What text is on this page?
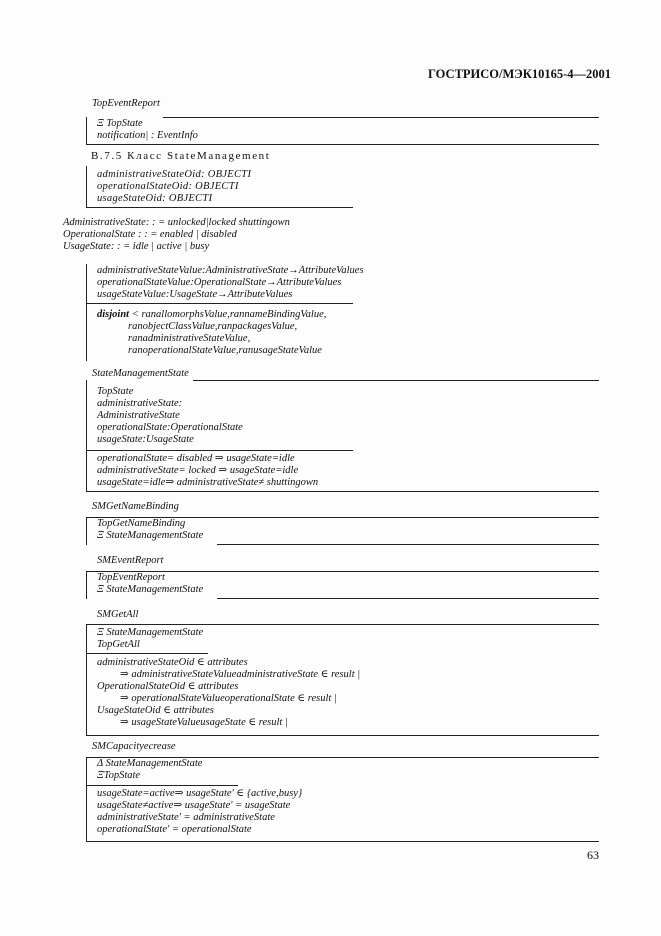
ГОСТРИСО/МЭК10165-4—2001
TopEventReport
Ξ TopState
notification| : EventInfo
B.7.5 Класс StateManagement
administrativeStateOid: OBJECTI
operationalStateOid: OBJECTI
usageStateOid: OBJECTI
AdministrativeState: : = unlocked|locked shuttingown
OperationalState : : = enabled | disabled
UsageState: : = idle | active | busy
administrativeStateValue:AdministrativeState→AttributeValues
operationalStateValue:OperationalState→AttributeValues
usageStateValue:UsageState→AttributeValues
disjoint < ranallomorphsValue,rannameBindingValue,
ranobjectClassValue,ranpackagesValue,
ranadministrativeStateValue,
ranoperationalStateValue,ranusageStateValue
StateManagementState
TopState
administrativeState:
AdministrativeState
operationalState:OperationalState
usageState:UsageState
operationalState= disabled ⇒ usageState=idle
administrativeState= locked ⇒ usageState=idle
usageState=idle⇒ administrativeState≠ shuttingown
SMGetNameBinding
TopGetNameBinding
Ξ StateManagementState
SMEventReport
TopEventReport
Ξ StateManagementState
SMGetAll
Ξ StateManagementState
TopGetAll
administrativeStateOid ∈ attributes
⇒ administrativeStateValueadministrativeState ∈ result |
OperationalStateOid ∈ attributes
⇒ operationalStateValueoperationalState ∈ result |
UsageStateOid ∈ attributes
⇒ usageStateValueusageState ∈ result |
SMCapacityecrease
Δ StateManagementState
ΞTopState
usageState=active⇒ usageState' ∈ {active,busy}
usageState≠active⇒ usageState' = usageState
administrativeState' = administrativeState
operationalState' = operationalState
63
